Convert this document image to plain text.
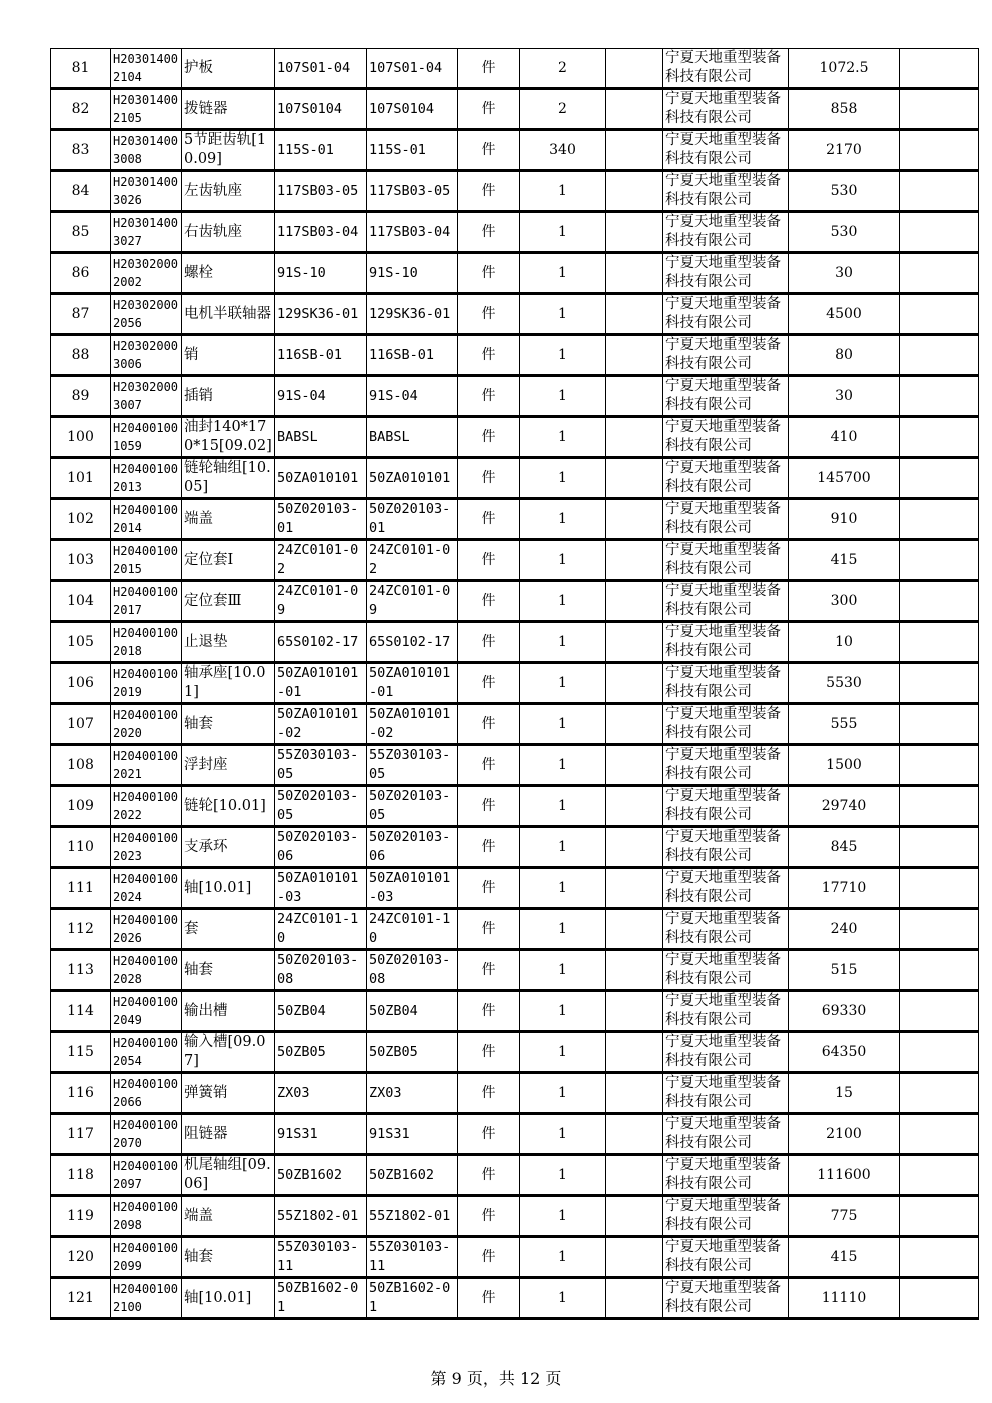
81	H203014002104	护板	107S01-04	107S01-04	件	2		宁夏天地重型装备科技有限公司	1072.5	
82	H203014002105	拨链器	107S0104	107S0104	件	2		宁夏天地重型装备科技有限公司	858	
83	H203014003008	5节距齿轨[10.09]	115S-01	115S-01	件	340		宁夏天地重型装备科技有限公司	2170	
84	H203014003026	左齿轨座	117SB03-05	117SB03-05	件	1		宁夏天地重型装备科技有限公司	530	
85	H203014003027	右齿轨座	117SB03-04	117SB03-04	件	1		宁夏天地重型装备科技有限公司	530	
86	H203020002002	螺栓	91S-10	91S-10	件	1		宁夏天地重型装备科技有限公司	30	
87	H203020002056	电机半联轴器	129SK36-01	129SK36-01	件	1		宁夏天地重型装备科技有限公司	4500	
88	H203020003006	销	116SB-01	116SB-01	件	1		宁夏天地重型装备科技有限公司	80	
89	H203020003007	插销	91S-04	91S-04	件	1		宁夏天地重型装备科技有限公司	30	
100	H204001001059	油封140*170*15[09.02]	BABSL	BABSL	件	1		宁夏天地重型装备科技有限公司	410	
101	H204001002013	链轮轴组[10.05]	50ZA010101	50ZA010101	件	1		宁夏天地重型装备科技有限公司	145700	
102	H204001002014	端盖	50Z020103-01	50Z020103-01	件	1		宁夏天地重型装备科技有限公司	910	
103	H204001002015	定位套Ⅰ	24ZC0101-02	24ZC0101-02	件	1		宁夏天地重型装备科技有限公司	415	
104	H204001002017	定位套Ⅲ	24ZC0101-09	24ZC0101-09	件	1		宁夏天地重型装备科技有限公司	300	
105	H204001002018	止退垫	65S0102-17	65S0102-17	件	1		宁夏天地重型装备科技有限公司	10	
106	H204001002019	轴承座[10.01]	50ZA010101-01	50ZA010101-01	件	1		宁夏天地重型装备科技有限公司	5530	
107	H204001002020	轴套	50ZA010101-02	50ZA010101-02	件	1		宁夏天地重型装备科技有限公司	555	
108	H204001002021	浮封座	55Z030103-05	55Z030103-05	件	1		宁夏天地重型装备科技有限公司	1500	
109	H204001002022	链轮[10.01]	50Z020103-05	50Z020103-05	件	1		宁夏天地重型装备科技有限公司	29740	
110	H204001002023	支承环	50Z020103-06	50Z020103-06	件	1		宁夏天地重型装备科技有限公司	845	
111	H204001002024	轴[10.01]	50ZA010101-03	50ZA010101-03	件	1		宁夏天地重型装备科技有限公司	17710	
112	H204001002026	套	24ZC0101-10	24ZC0101-10	件	1		宁夏天地重型装备科技有限公司	240	
113	H204001002028	轴套	50Z020103-08	50Z020103-08	件	1		宁夏天地重型装备科技有限公司	515	
114	H204001002049	输出槽	50ZB04	50ZB04	件	1		宁夏天地重型装备科技有限公司	69330	
115	H204001002054	输入槽[09.07]	50ZB05	50ZB05	件	1		宁夏天地重型装备科技有限公司	64350	
116	H204001002066	弹簧销	ZX03	ZX03	件	1		宁夏天地重型装备科技有限公司	15	
117	H204001002070	阻链器	91S31	91S31	件	1		宁夏天地重型装备科技有限公司	2100	
118	H204001002097	机尾轴组[09.06]	50ZB1602	50ZB1602	件	1		宁夏天地重型装备科技有限公司	111600	
119	H204001002098	端盖	55Z1802-01	55Z1802-01	件	1		宁夏天地重型装备科技有限公司	775	
120	H204001002099	轴套	55Z030103-11	55Z030103-11	件	1		宁夏天地重型装备科技有限公司	415	
121	H204001002100	轴[10.01]	50ZB1602-01	50ZB1602-01	件	1		宁夏天地重型装备科技有限公司	11110	
第 9 页，共 12 页
